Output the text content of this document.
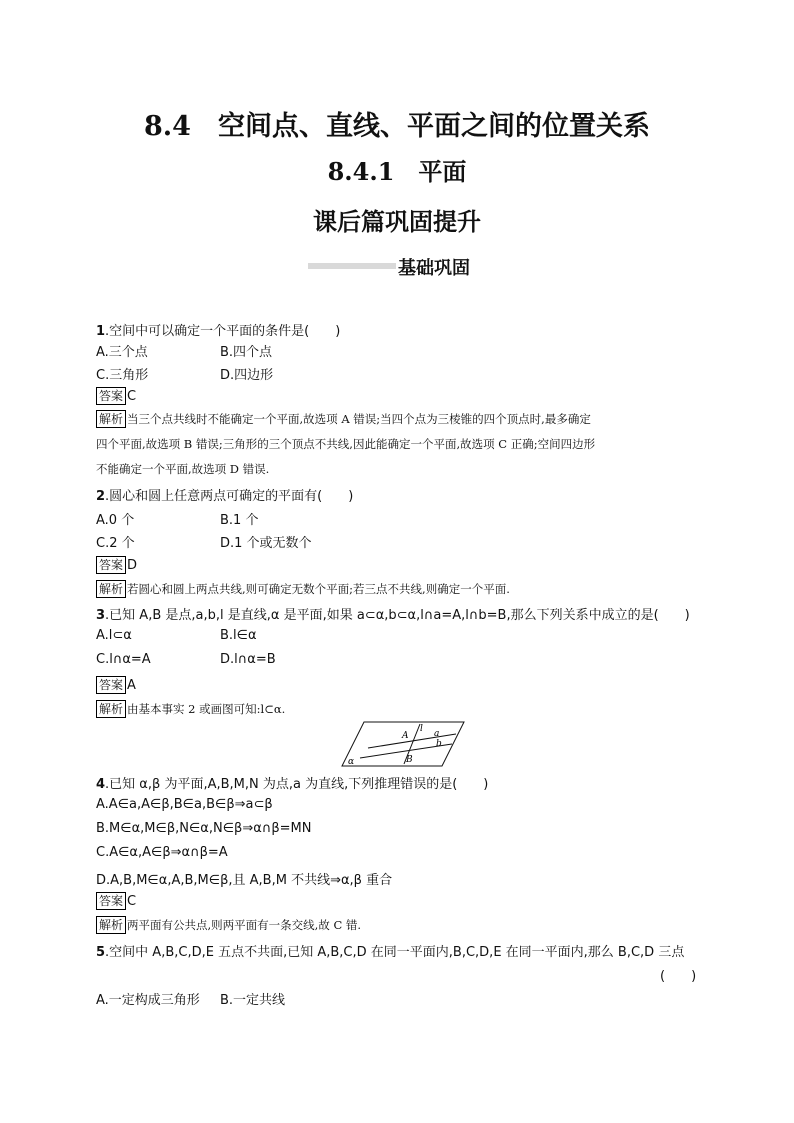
8.4　空间点、直线、平面之间的位置关系
8.4.1　平面
课后篇巩固提升
基础巩固
1.空间中可以确定一个平面的条件是(　　)
A.三个点	B.四个点
C.三角形	D.四边形
答案 C
解析 当三个点共线时不能确定一个平面,故选项 A 错误;当四个点为三棱锥的四个顶点时,最多确定
四个平面,故选项 B 错误;三角形的三个顶点不共线,因此能确定一个平面,故选项 C 正确;空间四边形
不能确定一个平面,故选项 D 错误.
2.圆心和圆上任意两点可确定的平面有(　　)
A.0 个	B.1 个
C.2 个	D.1 个或无数个
答案 D
解析 若圆心和圆上两点共线,则可确定无数个平面;若三点不共线,则确定一个平面.
3.已知 A,B 是点,a,b,l 是直线,α 是平面,如果 a⊂α,b⊂α,l∩a=A,l∩b=B,那么下列关系中成立的是(　　)
A.l⊂α	B.l∈α
C.l∩α=A	D.l∩α=B
答案 A
解析 由基本事实 2 或画图可知:l⊂α.
α
a
b
l
A
B
4.已知 α,β 为平面,A,B,M,N 为点,a 为直线,下列推理错误的是(　　)
A.A∈a,A∈β,B∈a,B∈β⇒a⊂β
B.M∈α,M∈β,N∈α,N∈β⇒α∩β=MN
C.A∈α,A∈β⇒α∩β=A
D.A,B,M∈α,A,B,M∈β,且 A,B,M 不共线⇒α,β 重合
答案 C
解析 两平面有公共点,则两平面有一条交线,故 C 错.
5.空间中 A,B,C,D,E 五点不共面,已知 A,B,C,D 在同一平面内,B,C,D,E 在同一平面内,那么 B,C,D 三点
(　　)
A.一定构成三角形 B.一定共线
